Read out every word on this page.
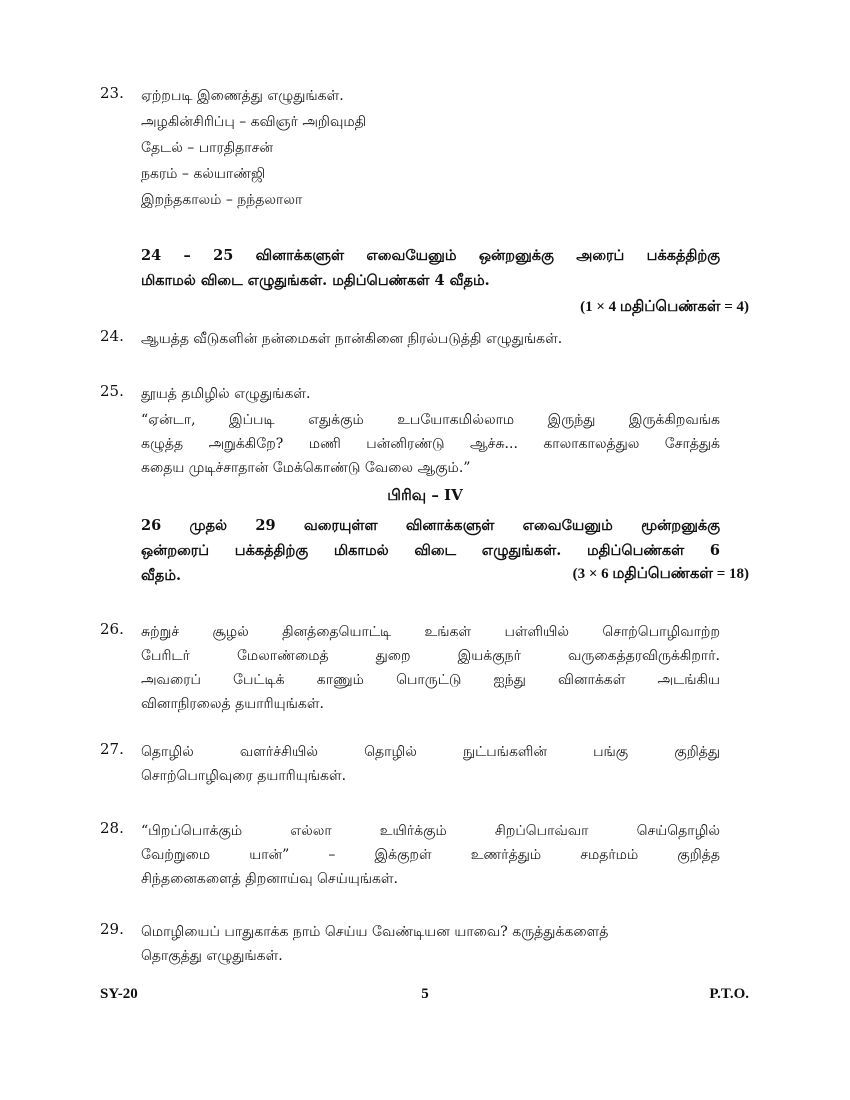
23.	ஏற்றபடி இணைத்து எழுதுங்கள்.
அழகின்சிரிப்பு – கவிஞர் அறிவுமதி
தேடல் – பாரதிதாசன்
நகரம் – கல்யாண்ஜி
இறந்தகாலம் – நந்தலாலா
24 – 25 வினாக்களுள் எவையேனும் ஒன்றனுக்கு அரைப் பக்கத்திற்கு
மிகாமல் விடை எழுதுங்கள். மதிப்பெண்கள் 4 வீதம்.
(1 × 4 மதிப்பெண்கள் = 4)
24.	ஆயத்த வீடுகளின் நன்மைகள் நான்கினை நிரல்படுத்தி எழுதுங்கள்.
25.	தூயத் தமிழில் எழுதுங்கள்.
“ஏன்டா, இப்படி எதுக்கும் உபயோகமில்லாம இருந்து இருக்கிறவங்க
கழுத்த அறுக்கிறே? மணி பன்னிரண்டு ஆச்சு... காலாகாலத்துல சோத்துக்
கதைய முடிச்சாதான் மேக்கொண்டு வேலை ஆகும்.”
பிரிவு – IV
26 முதல் 29 வரையுள்ள வினாக்களுள் எவையேனும் மூன்றனுக்கு
ஒன்றரைப் பக்கத்திற்கு மிகாமல் விடை எழுதுங்கள். மதிப்பெண்கள் 6
வீதம்.	(3 × 6 மதிப்பெண்கள் = 18)
26.	சுற்றுச் சூழல் தினத்தையொட்டி உங்கள் பள்ளியில் சொற்பொழிவாற்ற
பேரிடர் மேலாண்மைத் துறை இயக்குநர் வருகைத்தரவிருக்கிறார்.
அவரைப் பேட்டிக் காணும் பொருட்டு ஐந்து வினாக்கள் அடங்கிய
வினாநிரலைத் தயாரியுங்கள்.
27.	தொழில் வளர்ச்சியில் தொழில் நுட்பங்களின் பங்கு குறித்து
சொற்பொழிவுரை தயாரியுங்கள்.
28.	“பிறப்பொக்கும் எல்லா உயிர்க்கும் சிறப்பொவ்வா செய்தொழில்
வேற்றுமை யான்” – இக்குறள் உணர்த்தும் சமதர்மம் குறித்த
சிந்தனைகளைத் திறனாய்வு செய்யுங்கள்.
29.	மொழியைப் பாதுகாக்க நாம் செய்ய வேண்டியன யாவை? கருத்துக்களைத்
தொகுத்து எழுதுங்கள்.
SY-20	5	P.T.O.
